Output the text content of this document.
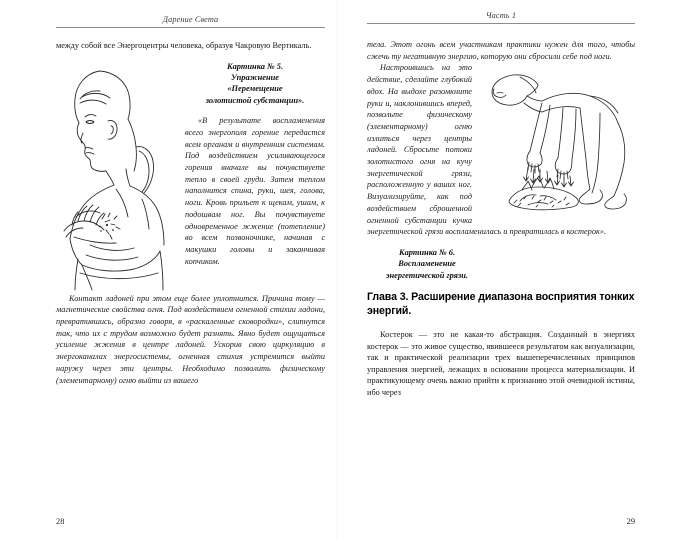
Дарение Света

между собой все Энергоцентры человека, образуя Чакровую Вертикаль.

Картинка № 5.
Упражнение
«Перемещение
золотистой субстанции».

«В результате воспламенения всего энергополя горение передастся всем органам и внутренним системам. Под воздействием усиливающегося горения вначале вы почувствуете тепло в своей груди. Затем теплом наполнится спина, руки, шея, голова, ноги. Кровь прильет к щекам, ушам, к подошвам ног. Вы почувствуете одновременное жжение (потепление) во всем позвоночнике, начиная с макушки головы и заканчивая копчиком.

Контакт ладоней при этом еще более уплотнится. Причина тому — магнетические свойства огня. Под воздействием огненной стихии ладони, превратившись, образно говоря, в «раскаленные сковородки», слипнутся так, что их с трудом возможно будет разнять. Явно будет ощущаться усиление жжения в центре ладоней. Ускорив свою циркуляцию в энергоканалах энергосистемы, огненная стихия устремится выйти наружу через эти центры. Необходимо позволить физическому (элементарному) огню выйти из вашего

28
Часть 1

тела. Этот огонь всем участникам практики нужен для того, чтобы сжечь ту негативную энергию, которую они сбросили себе под ноги.

Настроившись на это действие, сделайте глубокий вдох. На выдохе разомкните руки и, наклонившись вперед, позвольте физическому (элементарному) огню излиться через центры ладоней. Сбросьте потоки золотистого огня на кучу энергетической грязи, расположенную у ваших ног. Визуализируйте, как под воздействием сброшенной огненной субстанции кучка энергетической грязи воспламенилась и превратилась в костерок».

Картинка № 6.
Воспламенение
энергетической грязи.
Глава 3. Расширение диапазона восприятия тонких энергий.

Костерок — это не какая-то абстракция. Созданный в энергиях костерок — это живое существо, явившееся результатом как визуализации, так и практической реализации трех вышеперечисленных принципов управления энергией, лежащих в основании процесса материализации. И практикующему очень важно прийти к признанию этой очевидной истины, ибо через

29
